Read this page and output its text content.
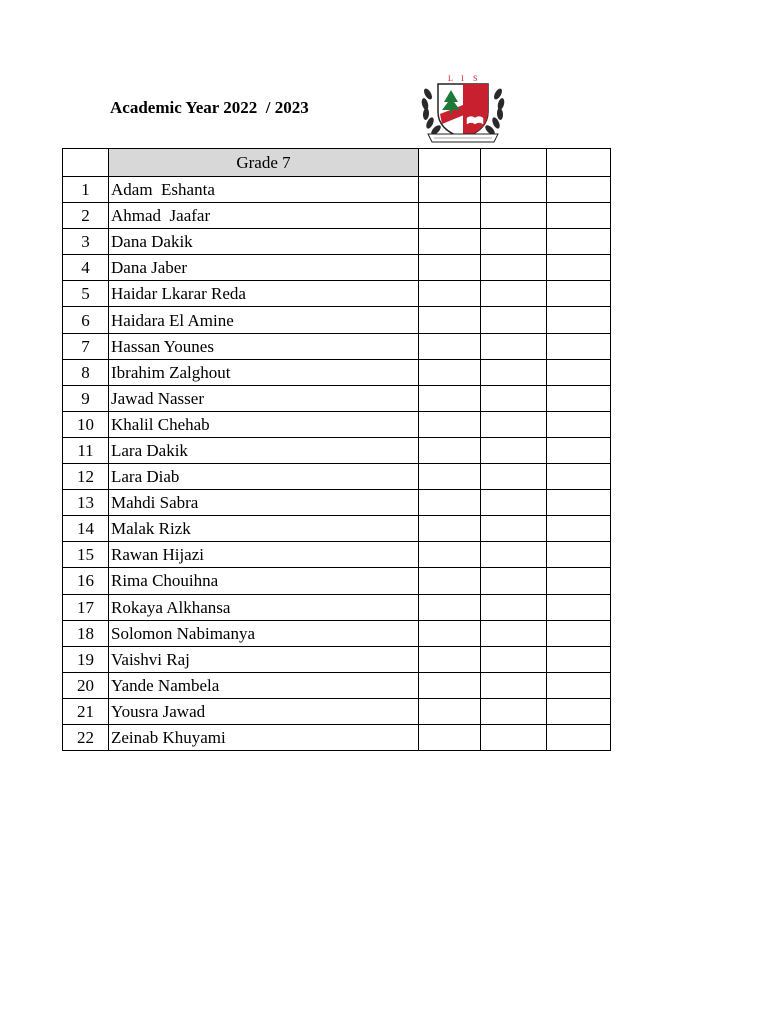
Academic Year 2022  / 2023
L I S
	Grade 7			
1	Adam  Eshanta			
2	Ahmad  Jaafar			
3	Dana Dakik			
4	Dana Jaber			
5	Haidar Lkarar Reda			
6	Haidara El Amine			
7	Hassan Younes			
8	Ibrahim Zalghout			
9	Jawad Nasser			
10	Khalil Chehab			
11	Lara Dakik			
12	Lara Diab			
13	Mahdi Sabra			
14	Malak Rizk			
15	Rawan Hijazi			
16	Rima Chouihna			
17	Rokaya Alkhansa			
18	Solomon Nabimanya			
19	Vaishvi Raj			
20	Yande Nambela			
21	Yousra Jawad			
22	Zeinab Khuyami			
